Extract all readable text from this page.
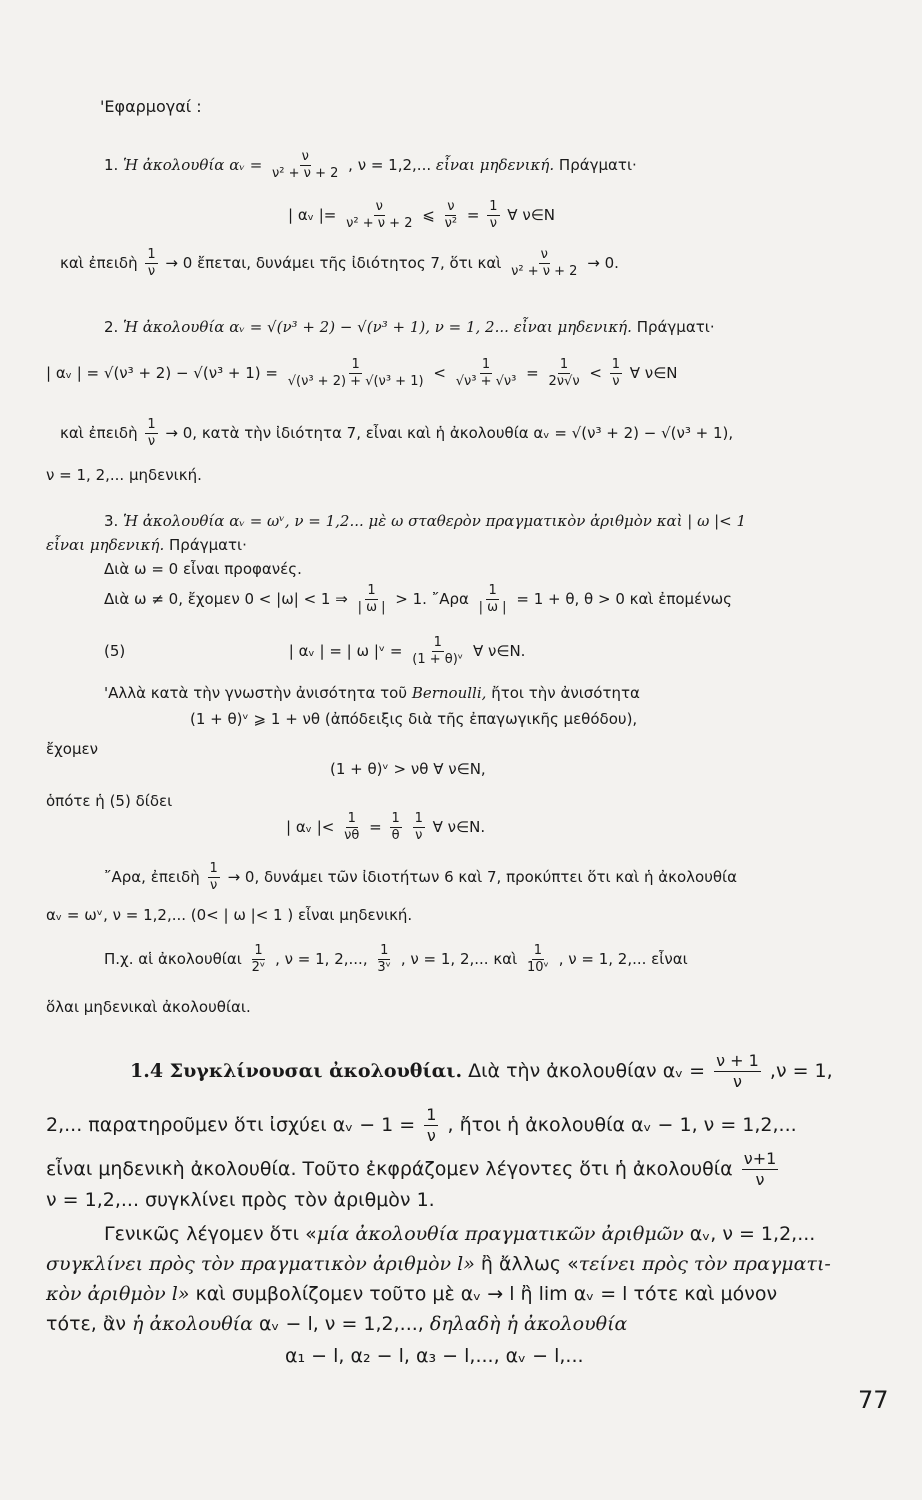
'Εφαρμογαί :
1. Ἡ ἀκολουθία αᵥ = $\frac{\nu}{\text{ν² + ν + 2}}$ , ν = 1,2,... εἶναι μηδενική. Πράγματι·
| αᵥ |= $\frac{\nu}{\text{ν² + ν + 2}}$ ⩽ $\frac{\nu}{\text{ν²}} = \frac{1}{\nu}$ ∀ ν∈N
καὶ ἐπειδὴ $\frac{1}{\nu} \to 0$ ἔπεται, δυνάμει τῆς ἰδιότητος 7, ὅτι καὶ $\frac{\nu}{\text{ν² + ν + 2}} \to 0$.
2. Ἡ ἀκολουθία αᵥ = √(ν³ + 2) − √(ν³ + 1), ν = 1, 2... εἶναι μηδενική. Πράγματι·
| αᵥ | = $√(\nu^3 + 2) - √(\nu^3 + 1) = \frac{1}{\text{√(ν³ + 2) + √(ν³ + 1)}} < \frac{1}{\text{√ν³ + √ν³}} = \frac{1}{2\nu√\nu} < \frac{1}{\nu}$ ∀ ν∈N
καὶ ἐπειδὴ $\frac{1}{\nu} \to 0$, κατὰ τὴν ἰδιότητα 7, εἶναι καὶ ἡ ἀκολουθία αᵥ = √(ν³ + 2) − √(ν³ + 1),
ν = 1, 2,... μηδενική.
3. Ἡ ἀκολουθία αᵥ = ωᵛ, ν = 1,2... μὲ ω σταθερὸν πραγματικὸν ἀριθμὸν καὶ | ω |< 1
εἶναι μηδενική. Πράγματι·
Διὰ ω = 0 εἶναι προφανές.
Διὰ ω ≠ 0, ἔχομεν 0 < |ω| < 1 ⇒ $\frac{1}{| \omega |} > 1$. ῎Αρα $\frac{1}{| \omega |} = 1 + \theta$, θ > 0 καὶ ἐπομένως
(5)	| αᵥ | = | ω |ᵛ = $\frac{1}{\text{(1 + θ)ᵛ}}$ ∀ ν∈N.
'Αλλὰ κατὰ τὴν γνωστὴν ἀνισότητα τοῦ Bernoulli, ἤτοι τὴν ἀνισότητα
(1 + θ)ᵛ ⩾ 1 + νθ (ἀπόδειξις διὰ τῆς ἐπαγωγικῆς μεθόδου),
ἔχομεν
(1 + θ)ᵛ > νθ ∀ ν∈N,
ὁπότε ἡ (5) δίδει
| αᵥ |< $\frac{1}{\nu\theta} = \frac{1}{\theta}$
$\frac{1}{\nu}$ ∀ ν∈N.
῎Αρα, ἐπειδὴ $\frac{1}{\nu} \to 0$, δυνάμει τῶν ἰδιοτήτων 6 καὶ 7, προκύπτει ὅτι καὶ ἡ ἀκολουθία
αᵥ = ωᵛ, ν = 1,2,... (0< | ω |< 1 ) εἶναι μηδενική.
Π.χ. αἱ ἀκολουθίαι $\frac{1}{\text{2ᵛ}}$ , ν = 1, 2,..., $\frac{1}{\text{3ᵛ}}$ , ν = 1, 2,... καὶ $\frac{1}{\text{10ᵛ}}$ , ν = 1, 2,... εἶναι
ὅλαι μηδενικαὶ ἀκολουθίαι.
1.4 Συγκλίνουσαι ἀκολουθίαι. Διὰ τὴν ἀκολουθίαν αᵥ = $\frac{\nu + 1}{\nu} ,\nu = 1$,
2,... παρατηροῦμεν ὅτι ἰσχύει αᵥ − $1 = \frac{1}{\nu}$ , ἤτοι ἡ ἀκολουθία αᵥ − 1, ν = 1,2,...
εἶναι μηδενικὴ ἀκολουθία. Τοῦτο ἐκφράζομεν λέγοντες ὅτι ἡ ἀκολουθία $\frac{\nu+1}{\nu}$
ν = 1,2,... συγκλίνει πρὸς τὸν ἀριθμὸν 1.
Γενικῶς λέγομεν ὅτι «μία ἀκολουθία πραγματικῶν ἀριθμῶν αᵥ, ν = 1,2,...
συγκλίνει πρὸς τὸν πραγματικὸν ἀριθμὸν l» ἢ ἄλλως «τείνει πρὸς τὸν πραγματι-
κὸν ἀριθμὸν l» καὶ συμβολίζομεν τοῦτο μὲ αᵥ → l ἢ lim αᵥ = l τότε καὶ μόνον
τότε, ἂν ἡ ἀκολουθία αᵥ − l, ν = 1,2,..., δηλαδὴ ἡ ἀκολουθία
α₁ − l, α₂ − l, α₃ − l,..., αᵥ − l,...
77
